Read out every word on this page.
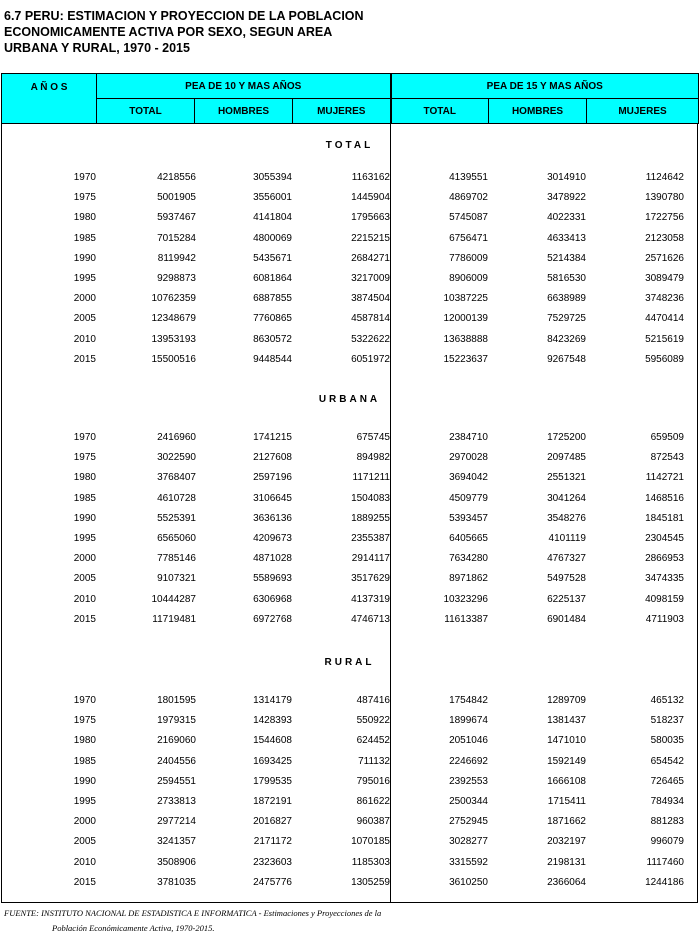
6.7 PERU: ESTIMACION Y PROYECCION DE LA POBLACION
ECONOMICAMENTE ACTIVA POR SEXO, SEGUN AREA
URBANA Y RURAL, 1970 - 2015
A Ñ O S	PEA DE 10 Y MAS AÑOS			PEA DE 15 Y MAS AÑOS		
	TOTAL	HOMBRES	MUJERES	TOTAL	HOMBRES	MUJERES
TOTAL
1970	4218556	3055394	1163162	4139551	3014910	1124642
1975	5001905	3556001	1445904	4869702	3478922	1390780
1980	5937467	4141804	1795663	5745087	4022331	1722756
1985	7015284	4800069	2215215	6756471	4633413	2123058
1990	8119942	5435671	2684271	7786009	5214384	2571626
1995	9298873	6081864	3217009	8906009	5816530	3089479
2000	10762359	6887855	3874504	10387225	6638989	3748236
2005	12348679	7760865	4587814	12000139	7529725	4470414
2010	13953193	8630572	5322622	13638888	8423269	5215619
2015	15500516	9448544	6051972	15223637	9267548	5956089
URBANA
1970	2416960	1741215	675745	2384710	1725200	659509
1975	3022590	2127608	894982	2970028	2097485	872543
1980	3768407	2597196	1171211	3694042	2551321	1142721
1985	4610728	3106645	1504083	4509779	3041264	1468516
1990	5525391	3636136	1889255	5393457	3548276	1845181
1995	6565060	4209673	2355387	6405665	4101119	2304545
2000	7785146	4871028	2914117	7634280	4767327	2866953
2005	9107321	5589693	3517629	8971862	5497528	3474335
2010	10444287	6306968	4137319	10323296	6225137	4098159
2015	11719481	6972768	4746713	11613387	6901484	4711903
RURAL
1970	1801595	1314179	487416	1754842	1289709	465132
1975	1979315	1428393	550922	1899674	1381437	518237
1980	2169060	1544608	624452	2051046	1471010	580035
1985	2404556	1693425	711132	2246692	1592149	654542
1990	2594551	1799535	795016	2392553	1666108	726465
1995	2733813	1872191	861622	2500344	1715411	784934
2000	2977214	2016827	960387	2752945	1871662	881283
2005	3241357	2171172	1070185	3028277	2032197	996079
2010	3508906	2323603	1185303	3315592	2198131	1117460
2015	3781035	2475776	1305259	3610250	2366064	1244186
FUENTE: INSTITUTO NACIONAL DE ESTADISTICA E INFORMATICA - Estimaciones y Proyecciones de la
Población Económicamente Activa, 1970-2015.
